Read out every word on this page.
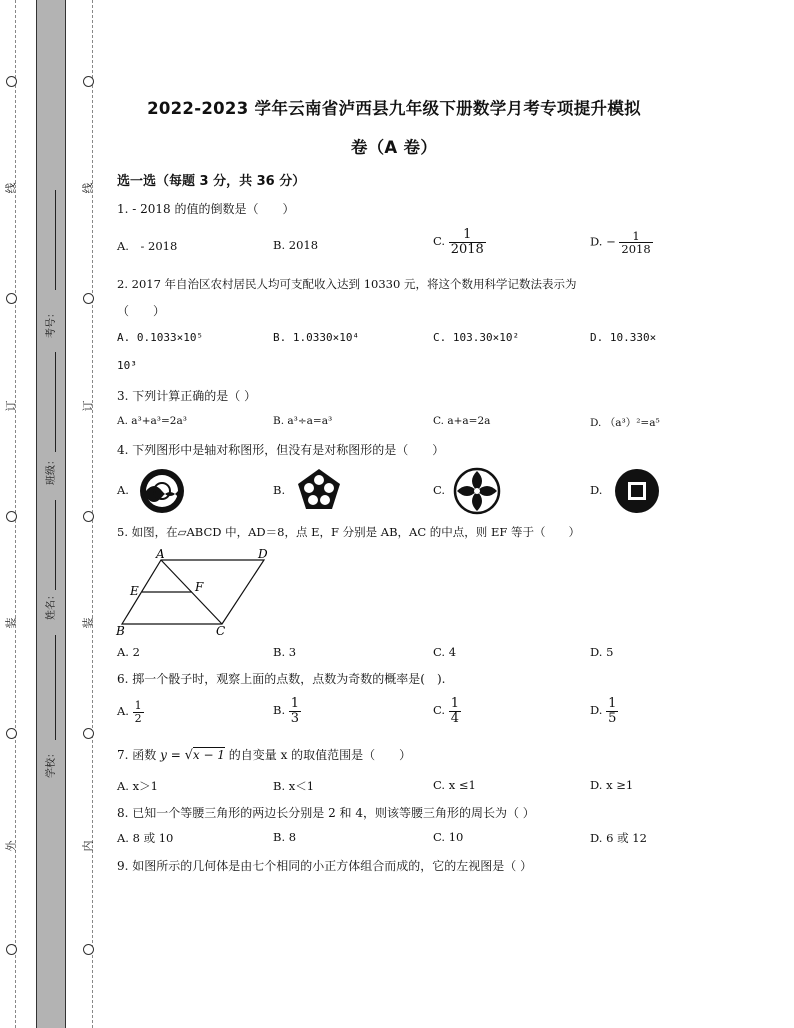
线
订
装
外
线
订
装
内
考号：
班级：
姓名：
学校：
2022-2023 学年云南省泸西县九年级下册数学月考专项提升模拟
卷（A 卷）
选一选（每题 3 分，共 36 分）
1. - 2018 的值的倒数是（　　）
A.　- 2018	B. 2018	C. $\frac{1}{2018}$	D. − $\frac{1}{2018}$
2. 2017 年自治区农村居民人均可支配收入达到 10330 元，将这个数用科学记数法表示为
（　　）
A. 0.1033×10⁵	B. 1.0330×10⁴	C. 103.30×10²	D. 10.330×
10³
3. 下列计算正确的是（ ）
A. a³+a³=2a³	B. a³÷a=a³	C. a+a=2a	D. （a³）²=a⁵
4. 下列图形中是轴对称图形，但没有是对称图形的是（　　）
A.	B.	C.	D.
5. 如图，在▱ABCD 中，AD＝8，点 E，F 分别是 AB，AC 的中点，则 EF 等于（　　）
A	D
E	F
B	C
A. 2	B. 3	C. 4	D. 5
6. 掷一个骰子时，观察上面的点数，点数为奇数的概率是(　).
A. $\frac{1}{2}$	B. $\frac{1}{3}$	C. $\frac{1}{4}$	D. $\frac{1}{5}$
7. 函数 y = √x − 1 的自变量 x 的取值范围是（　　）
A. x＞1	B. x＜1	C. x ≤1	D. x ≥1
8. 已知一个等腰三角形的两边长分别是 2 和 4，则该等腰三角形的周长为（ ）
A. 8 或 10	B. 8	C. 10	D. 6 或 12
9. 如图所示的几何体是由七个相同的小正方体组合而成的，它的左视图是（ ）
